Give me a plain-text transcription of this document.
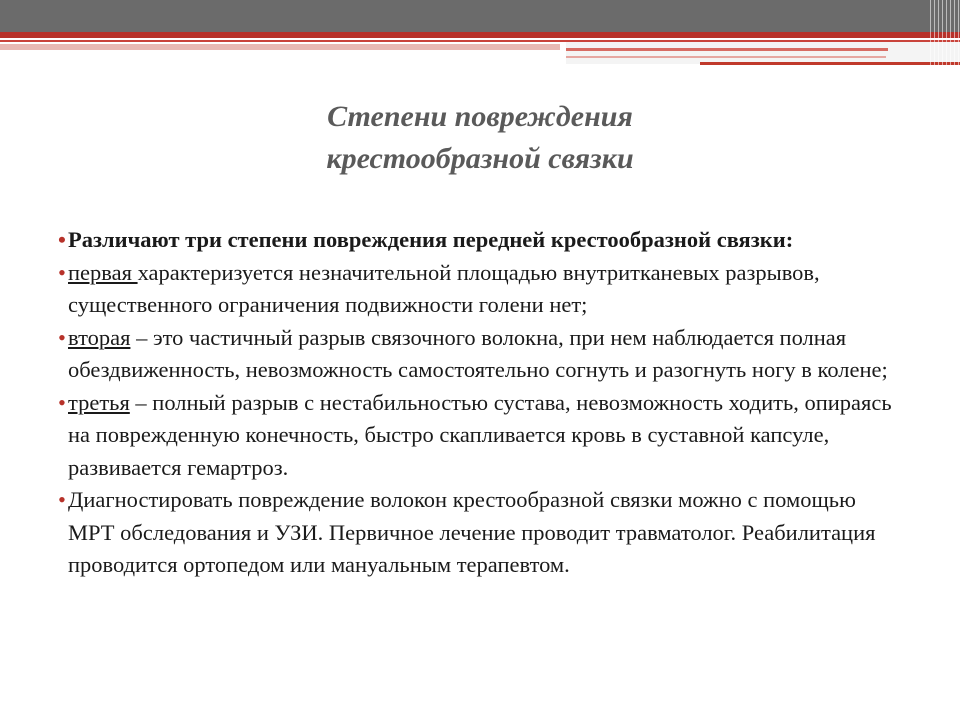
Степени повреждения
крестообразной связки

• Различают три степени повреждения передней крестообразной связки:

• первая характеризуется незначительной площадью внутритканевых разрывов, существенного ограничения подвижности голени нет;

• вторая – это частичный разрыв связочного волокна, при нем наблюдается полная обездвиженность, невозможность самостоятельно согнуть и разогнуть ногу в колене;

• третья – полный разрыв с нестабильностью сустава, невозможность ходить, опираясь на поврежденную конечность, быстро скапливается кровь в суставной капсуле, развивается гемартроз.

• Диагностировать повреждение волокон крестообразной связки можно с помощью МРТ обследования и УЗИ. Первичное лечение проводит травматолог. Реабилитация проводится ортопедом или мануальным терапевтом.
